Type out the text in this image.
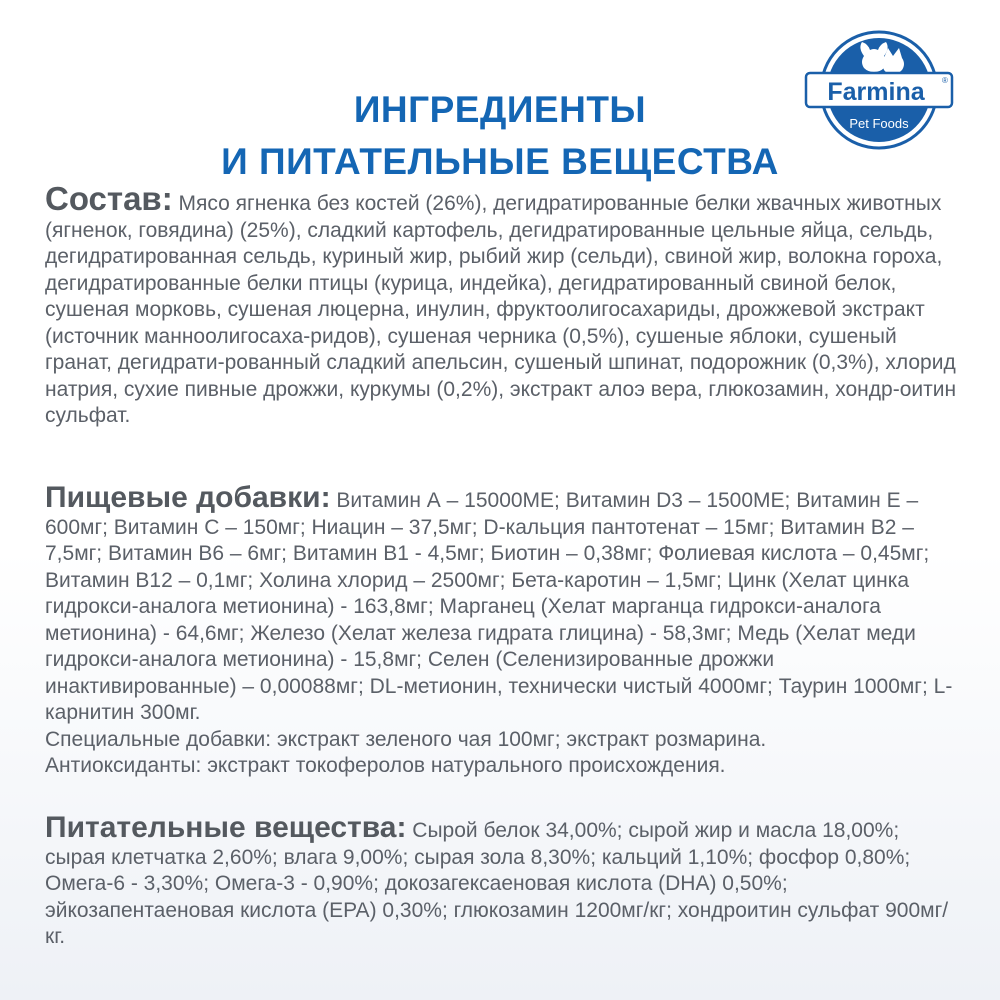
Farmina ®
Pet Foods
ИНГРЕДИЕНТЫ
И ПИТАТЕЛЬНЫЕ ВЕЩЕСТВА

Состав: Мясо ягненка без костей (26%), дегидратированные белки жвачных животных (ягненок, говядина) (25%), сладкий картофель, дегидратированные цельные яйца, сельдь, дегидратированная сельдь, куриный жир, рыбий жир (сельди), свиной жир, волокна гороха, дегидратированные белки птицы (курица, индейка), дегидратированный свиной белок, сушеная морковь, сушеная люцерна, инулин, фруктоолигосахариды, дрожжевой экстракт (источник маннoолигосаха-ридов), сушеная черника (0,5%), сушеные яблоки, сушеный гранат, дегидрати-рованный сладкий апельсин, сушеный шпинат, подорожник (0,3%), хлорид натрия, сухие пивные дрожжи, куркумы (0,2%), экстракт алоэ вера, глюкозамин, хондр-оитин сульфат.

Пищевые добавки: Витамин А – 15000МЕ; Витамин D3 – 1500МЕ; Витамин Е – 600мг; Витамин С – 150мг; Ниацин – 37,5мг; D-кальция пантотенат – 15мг; Витамин В2 – 7,5мг; Витамин В6 – 6мг; Витамин В1 - 4,5мг; Биотин – 0,38мг; Фолиевая кислота – 0,45мг; Витамин В12 – 0,1мг; Холина хлорид – 2500мг; Бета-каротин – 1,5мг; Цинк (Хелат цинка гидрокси-аналога метионина) - 163,8мг; Марганец (Хелат марганца гидрокси-аналога метионина) - 64,6мг; Железо (Хелат железа гидрата глицина) - 58,3мг; Медь (Хелат меди гидрокси-аналога метионина) - 15,8мг; Селен (Селенизированные дрожжи инактивированные) – 0,00088мг; DL-метионин, технически чистый 4000мг; Таурин 1000мг; L-карнитин 300мг.
Специальные добавки: экстракт зеленого чая 100мг; экстракт розмарина.
Антиоксиданты: экстракт токоферолов натурального происхождения.

Питательные вещества: Сырой белок 34,00%; сырой жир и масла 18,00%; сырая клетчатка 2,60%; влага 9,00%; сырая зола 8,30%; кальций 1,10%; фосфор 0,80%; Омега-6 - 3,30%; Омега-3 - 0,90%; докозагексаеновая кислота (DHA) 0,50%; эйкозапентаеновая кислота (EPA) 0,30%; глюкозамин 1200мг/кг; хондроитин сульфат 900мг/кг.
